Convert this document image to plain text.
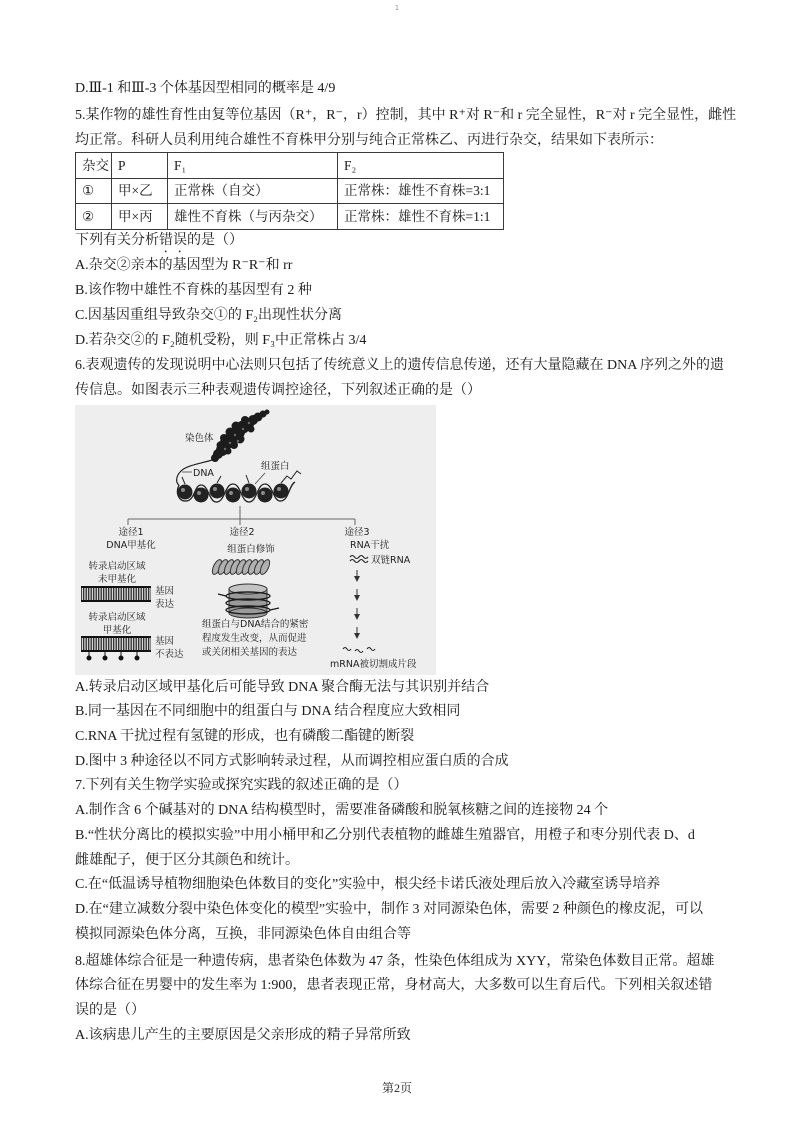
1
D.Ⅲ-1 和Ⅲ-3 个体基因型相同的概率是 4/9
5.某作物的雄性育性由复等位基因（R⁺，R⁻，r）控制，其中 R⁺对 R⁻和 r 完全显性，R⁻对 r 完全显性，雌性
均正常。科研人员利用纯合雄性不育株甲分别与纯合正常株乙、丙进行杂交，结果如下表所示：
杂交	P	F₁	F₂
①	甲×乙	正常株（自交）	正常株：雄性不育株=3:1
②	甲×丙	雄性不育株（与丙杂交）	正常株：雄性不育株=1:1
下列有关分析错误的是（）
A.杂交②亲本的基因型为 R⁻R⁻和 rr
B.该作物中雄性不育株的基因型有 2 种
C.因基因重组导致杂交①的 F₂出现性状分离
D.若杂交②的 F₂随机受粉，则 F₃中正常株占 3/4
6.表观遗传的发现说明中心法则只包括了传统意义上的遗传信息传递，还有大量隐藏在 DNA 序列之外的遗
传信息。如图表示三种表观遗传调控途径，下列叙述正确的是（）
染色体
DNA
组蛋白
途径1
DNA甲基化
转录启动区域
未甲基化
基因
表达
转录启动区域
甲基化
基因
不表达
途径2
组蛋白修饰
组蛋白与DNA结合的紧密
程度发生改变，从而促进
或关闭相关基因的表达
途径3
RNA干扰
双链RNA
mRNA被切割成片段
A.转录启动区域甲基化后可能导致 DNA 聚合酶无法与其识别并结合
B.同一基因在不同细胞中的组蛋白与 DNA 结合程度应大致相同
C.RNA 干扰过程有氢键的形成，也有磷酸二酯键的断裂
D.图中 3 种途径以不同方式影响转录过程，从而调控相应蛋白质的合成
7.下列有关生物学实验或探究实践的叙述正确的是（）
A.制作含 6 个碱基对的 DNA 结构模型时，需要准备磷酸和脱氧核糖之间的连接物 24 个
B.“性状分离比的模拟实验”中用小桶甲和乙分别代表植物的雌雄生殖器官，用橙子和枣分别代表 D、d
雌雄配子，便于区分其颜色和统计。
C.在“低温诱导植物细胞染色体数目的变化”实验中，根尖经卡诺氏液处理后放入冷藏室诱导培养
D.在“建立减数分裂中染色体变化的模型”实验中，制作 3 对同源染色体，需要 2 种颜色的橡皮泥，可以
模拟同源染色体分离，互换，非同源染色体自由组合等
8.超雄体综合征是一种遗传病，患者染色体数为 47 条，性染色体组成为 XYY，常染色体数目正常。超雄
体综合征在男婴中的发生率为 1:900，患者表现正常，身材高大，大多数可以生育后代。下列相关叙述错
误的是（）
A.该病患儿产生的主要原因是父亲形成的精子异常所致
第2页
